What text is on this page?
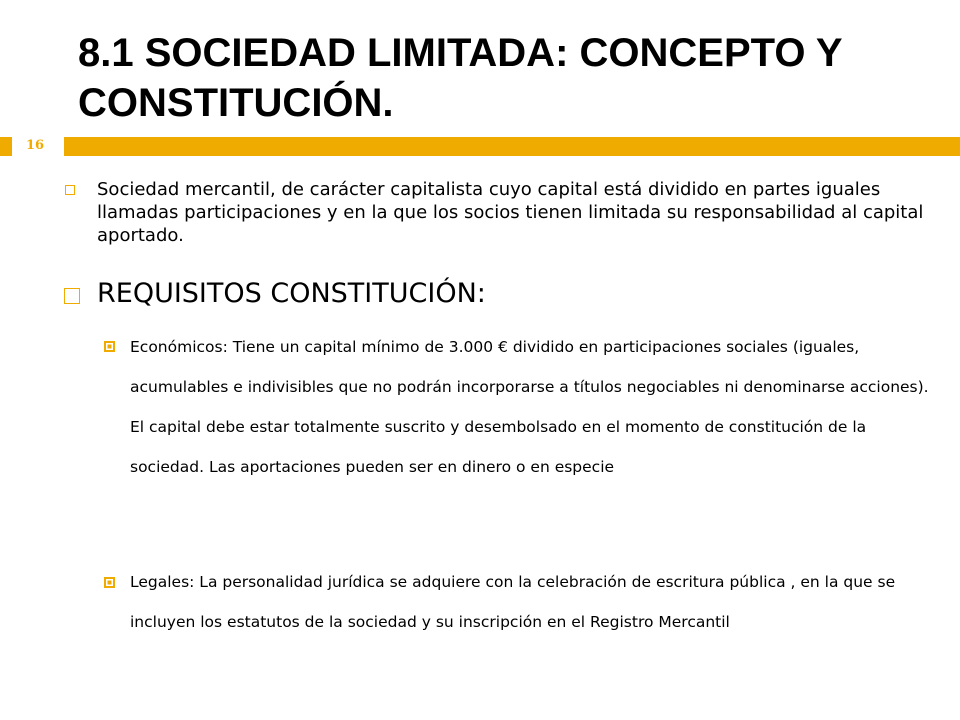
8.1 SOCIEDAD LIMITADA: CONCEPTO Y CONSTITUCIÓN.
16

Sociedad mercantil, de carácter capitalista cuyo capital está dividido en partes iguales llamadas participaciones y en la que los socios tienen limitada su responsabilidad al capital aportado.

REQUISITOS CONSTITUCIÓN:

Económicos: Tiene un capital mínimo de 3.000 € dividido en participaciones sociales (iguales, acumulables e indivisibles que no podrán incorporarse a títulos negociables ni denominarse acciones). El capital debe estar totalmente suscrito y desembolsado en el momento de constitución de la sociedad. Las aportaciones pueden ser en dinero o en especie

Legales: La personalidad jurídica se adquiere con la celebración de escritura pública , en la que se incluyen los estatutos de la sociedad y su inscripción en el Registro Mercantil
